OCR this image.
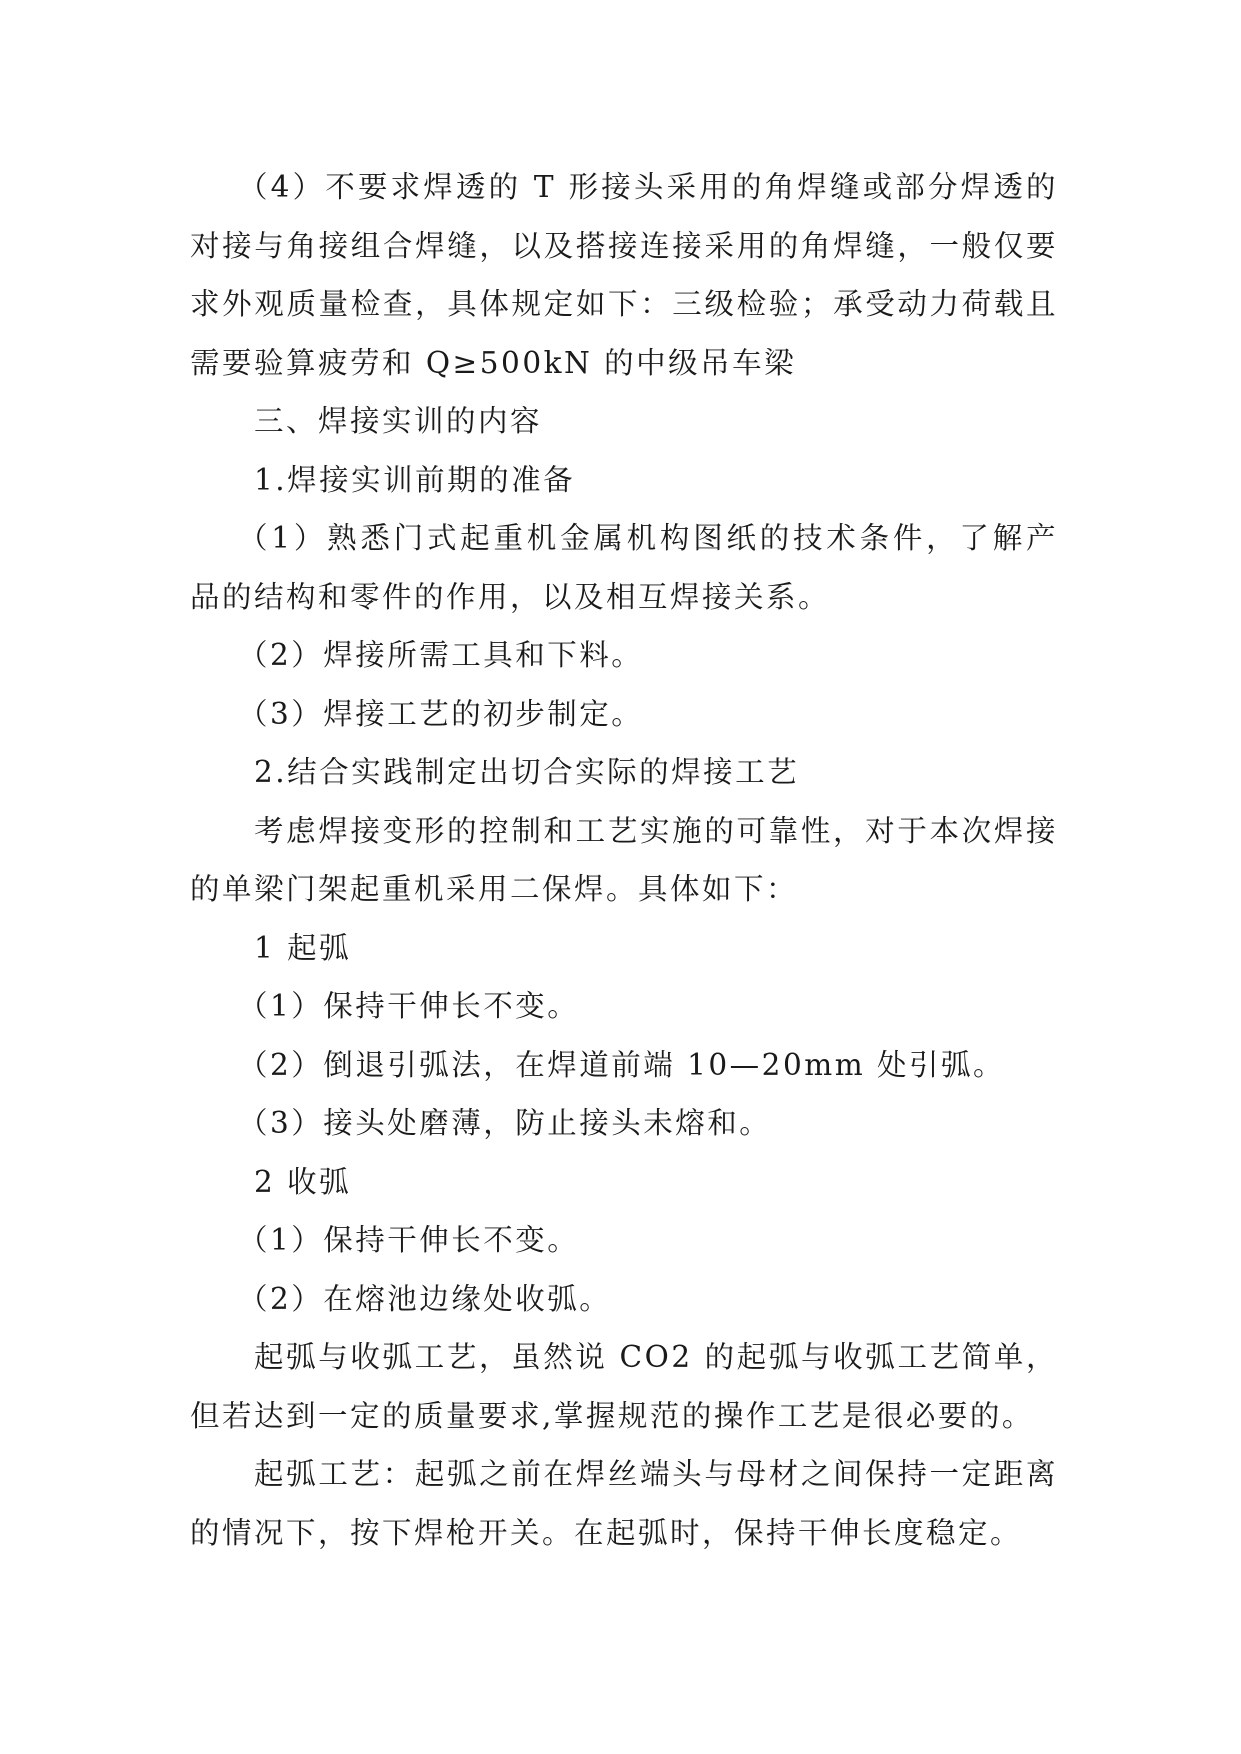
（4）不要求焊透的 T 形接头采用的角焊缝或部分焊透的对接与角接组合焊缝，以及搭接连接采用的角焊缝，一般仅要求外观质量检查，具体规定如下：三级检验；承受动力荷载且需要验算疲劳和 Q≥500kN 的中级吊车梁

三、焊接实训的内容

1.焊接实训前期的准备

（1）熟悉门式起重机金属机构图纸的技术条件，了解产品的结构和零件的作用，以及相互焊接关系。

（2）焊接所需工具和下料。

（3）焊接工艺的初步制定。

2.结合实践制定出切合实际的焊接工艺

考虑焊接变形的控制和工艺实施的可靠性，对于本次焊接的单梁门架起重机采用二保焊。具体如下：

1 起弧

（1）保持干伸长不变。

（2）倒退引弧法，在焊道前端 10—20mm 处引弧。

（3）接头处磨薄，防止接头未熔和。

2 收弧

（1）保持干伸长不变。

（2）在熔池边缘处收弧。

起弧与收弧工艺，虽然说 CO2 的起弧与收弧工艺简单，但若达到一定的质量要求,掌握规范的操作工艺是很必要的。

起弧工艺：起弧之前在焊丝端头与母材之间保持一定距离的情况下，按下焊枪开关。在起弧时，保持干伸长度稳定。
